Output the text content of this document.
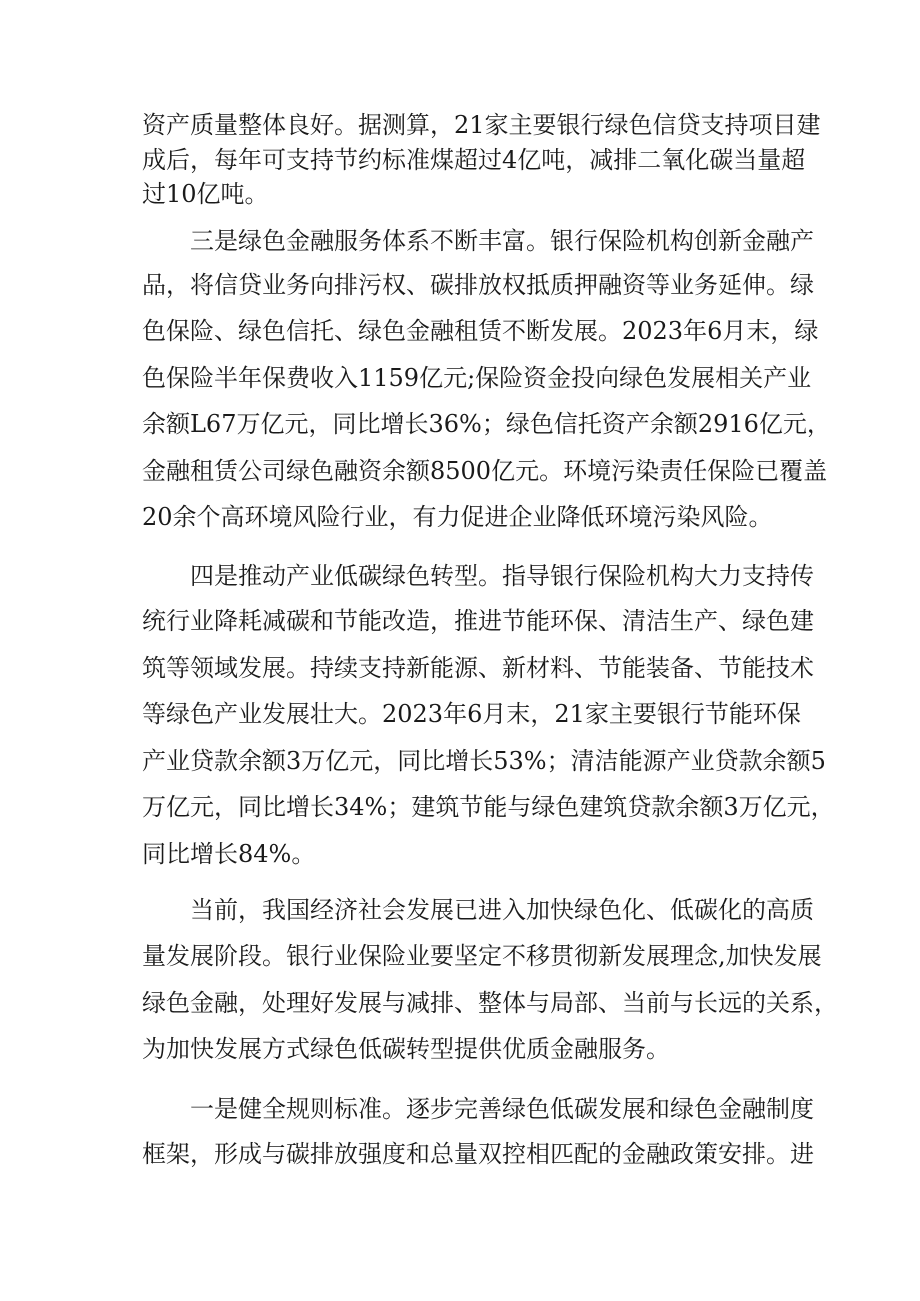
资产质量整体良好。据测算，21家主要银行绿色信贷支持项目建

成后，每年可支持节约标准煤超过4亿吨，减排二氧化碳当量超

过10亿吨。

三是绿色金融服务体系不断丰富。银行保险机构创新金融产

品，将信贷业务向排污权、碳排放权抵质押融资等业务延伸。绿

色保险、绿色信托、绿色金融租赁不断发展。2023年6月末，绿

色保险半年保费收入1159亿元;保险资金投向绿色发展相关产业

余额L67万亿元，同比增长36%；绿色信托资产余额2916亿元，

金融租赁公司绿色融资余额8500亿元。环境污染责任保险已覆盖

20余个高环境风险行业，有力促进企业降低环境污染风险。

四是推动产业低碳绿色转型。指导银行保险机构大力支持传

统行业降耗减碳和节能改造，推进节能环保、清洁生产、绿色建

筑等领域发展。持续支持新能源、新材料、节能装备、节能技术

等绿色产业发展壮大。2023年6月末，21家主要银行节能环保

产业贷款余额3万亿元，同比增长53%；清洁能源产业贷款余额5

万亿元，同比增长34%；建筑节能与绿色建筑贷款余额3万亿元，

同比增长84%。

当前，我国经济社会发展已进入加快绿色化、低碳化的高质

量发展阶段。银行业保险业要坚定不移贯彻新发展理念,加快发展

绿色金融，处理好发展与减排、整体与局部、当前与长远的关系，

为加快发展方式绿色低碳转型提供优质金融服务。

一是健全规则标准。逐步完善绿色低碳发展和绿色金融制度

框架，形成与碳排放强度和总量双控相匹配的金融政策安排。进
